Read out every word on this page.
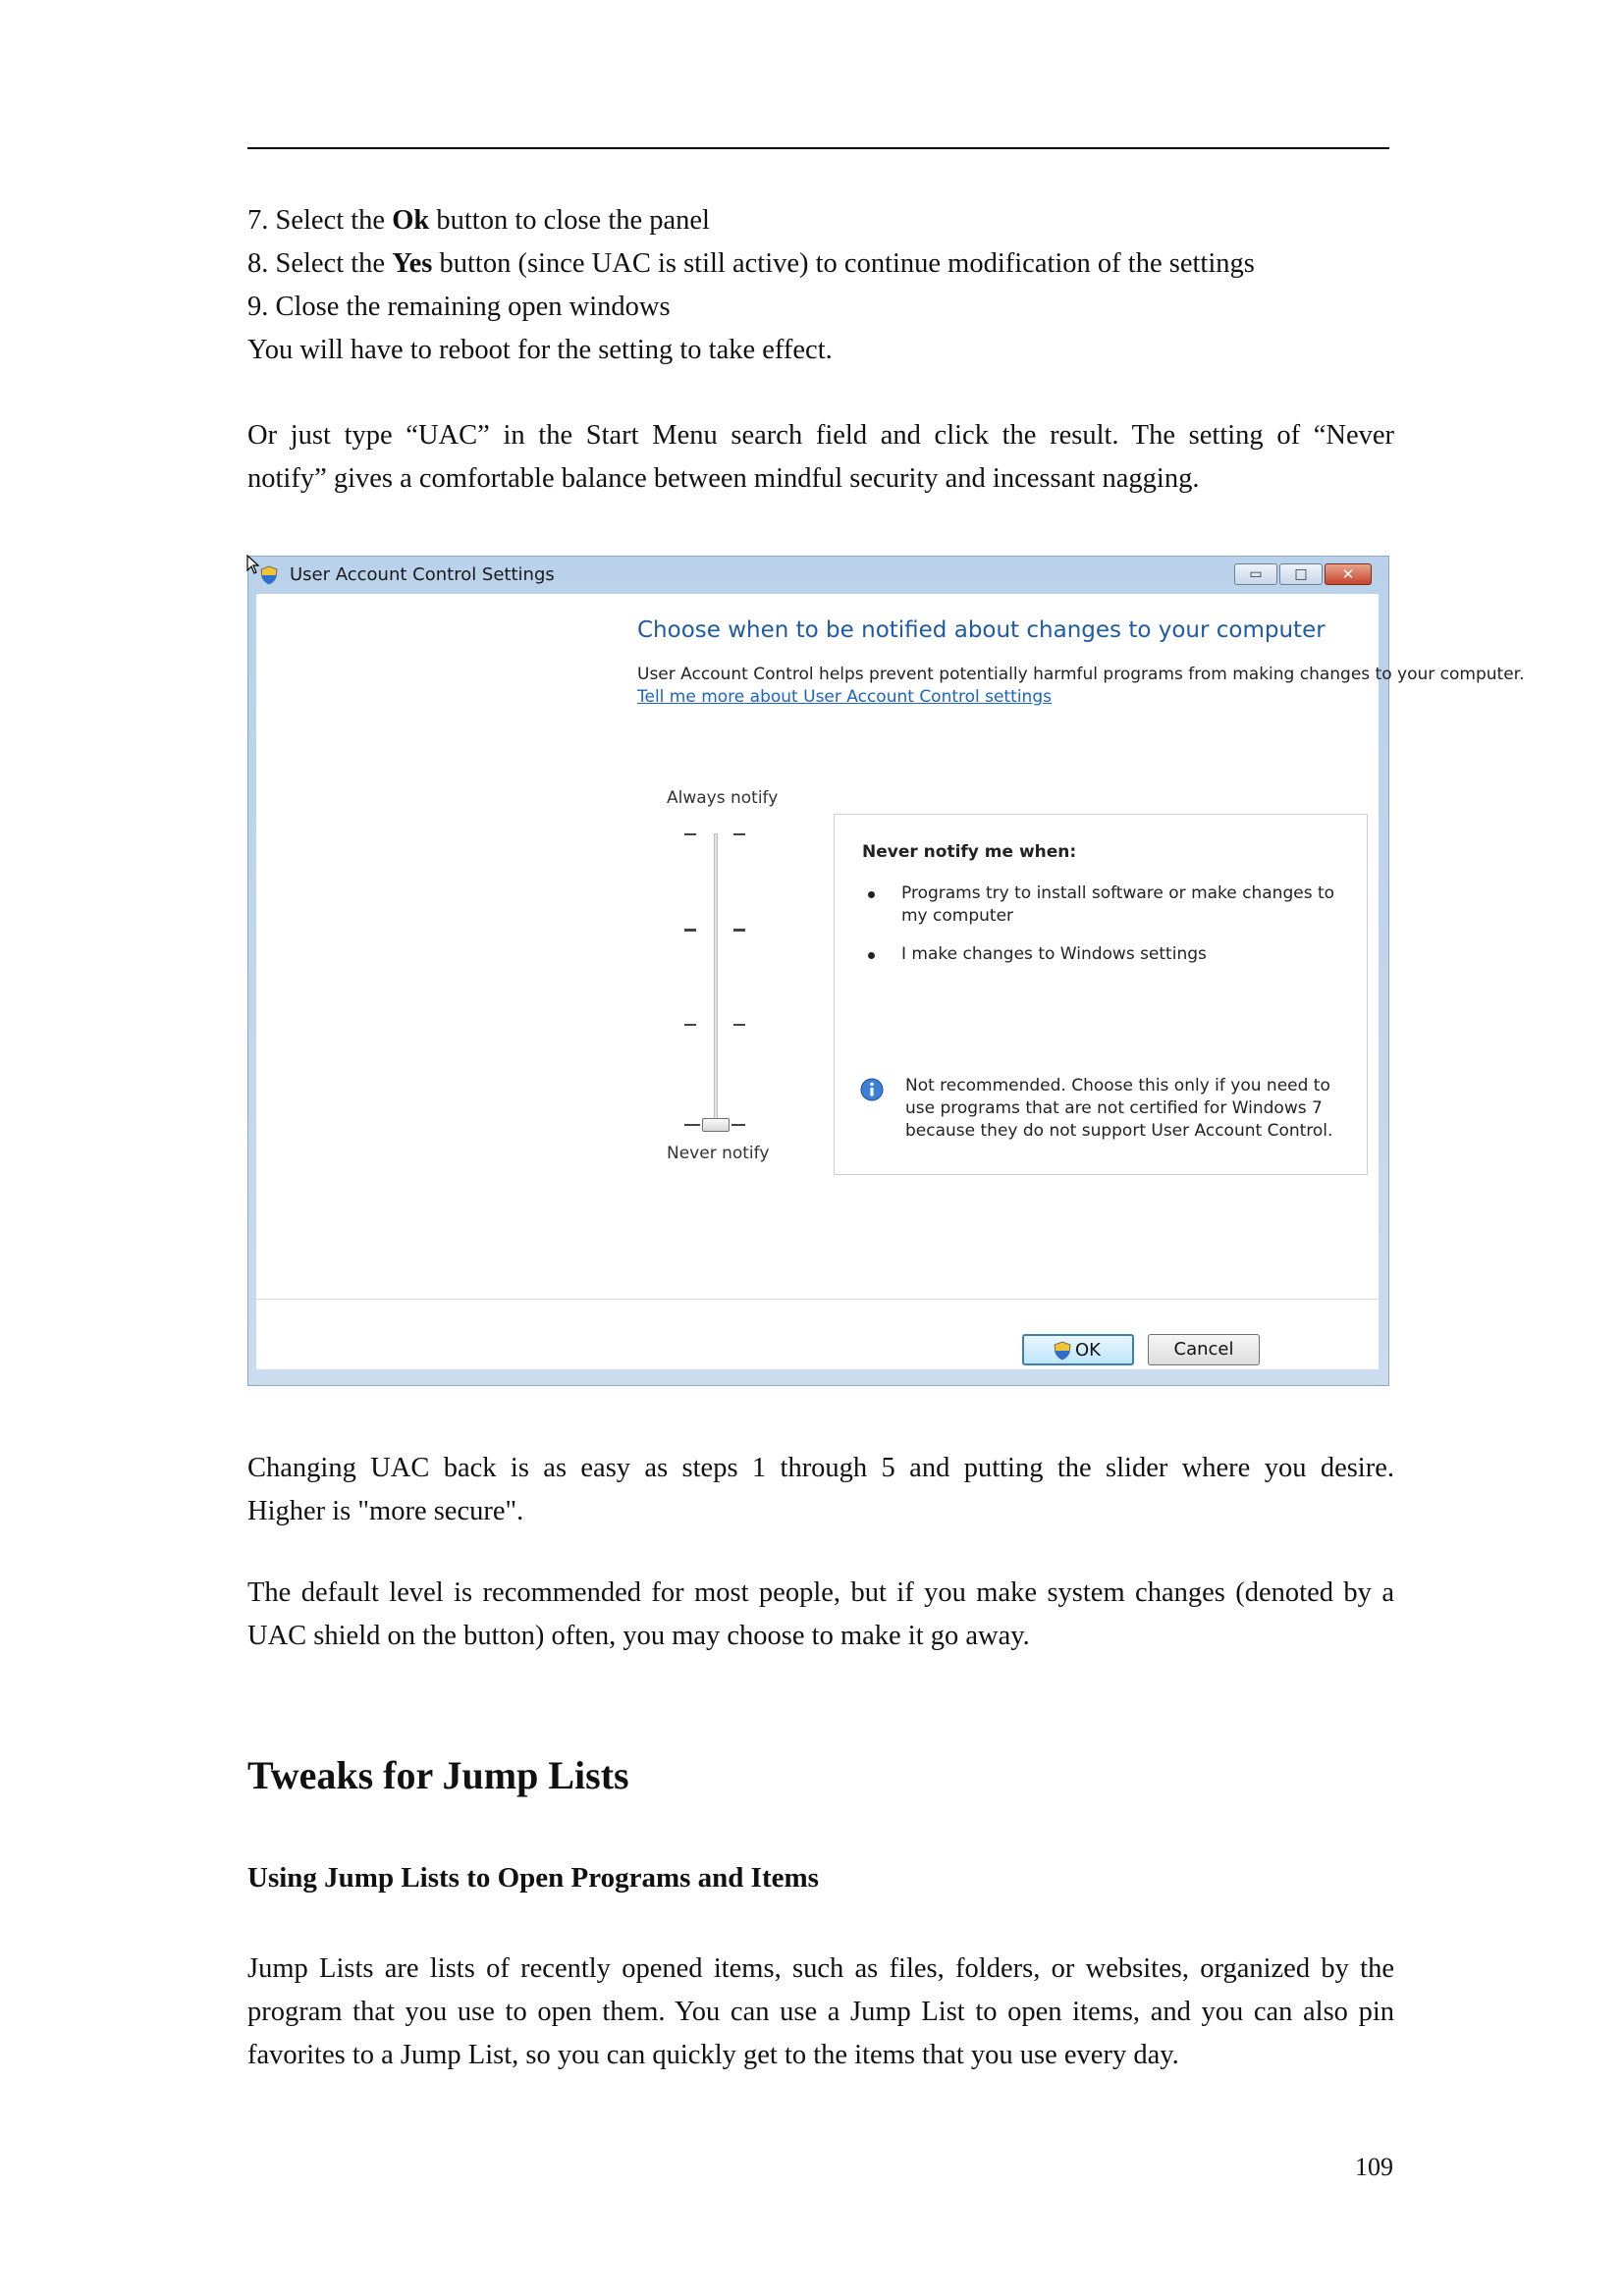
7. Select the Ok button to close the panel
8. Select the Yes button (since UAC is still active) to continue modification of the settings
9. Close the remaining open windows
You will have to reboot for the setting to take effect.
Or just type “UAC” in the Start Menu search field and click the result. The setting of “Never
notify” gives a comfortable balance between mindful security and incessant nagging.
User Account Control Settings	▭	□	✕
Choose when to be notified about changes to your computer
User Account Control helps prevent potentially harmful programs from making changes to your computer.
Tell me more about User Account Control settings
Always notify
Never notify
Never notify me when:
Programs try to install software or make changes to
my computer
I make changes to Windows settings
Not recommended. Choose this only if you need to
use programs that are not certified for Windows 7
because they do not support User Account Control.
OK	Cancel
Changing UAC back is as easy as steps 1 through 5 and putting the slider where you desire.
Higher is "more secure".
The default level is recommended for most people, but if you make system changes (denoted by a
UAC shield on the button) often, you may choose to make it go away.
Tweaks for Jump Lists
Using Jump Lists to Open Programs and Items
Jump Lists are lists of recently opened items, such as files, folders, or websites, organized by the
program that you use to open them. You can use a Jump List to open items, and you can also pin
favorites to a Jump List, so you can quickly get to the items that you use every day.
109
